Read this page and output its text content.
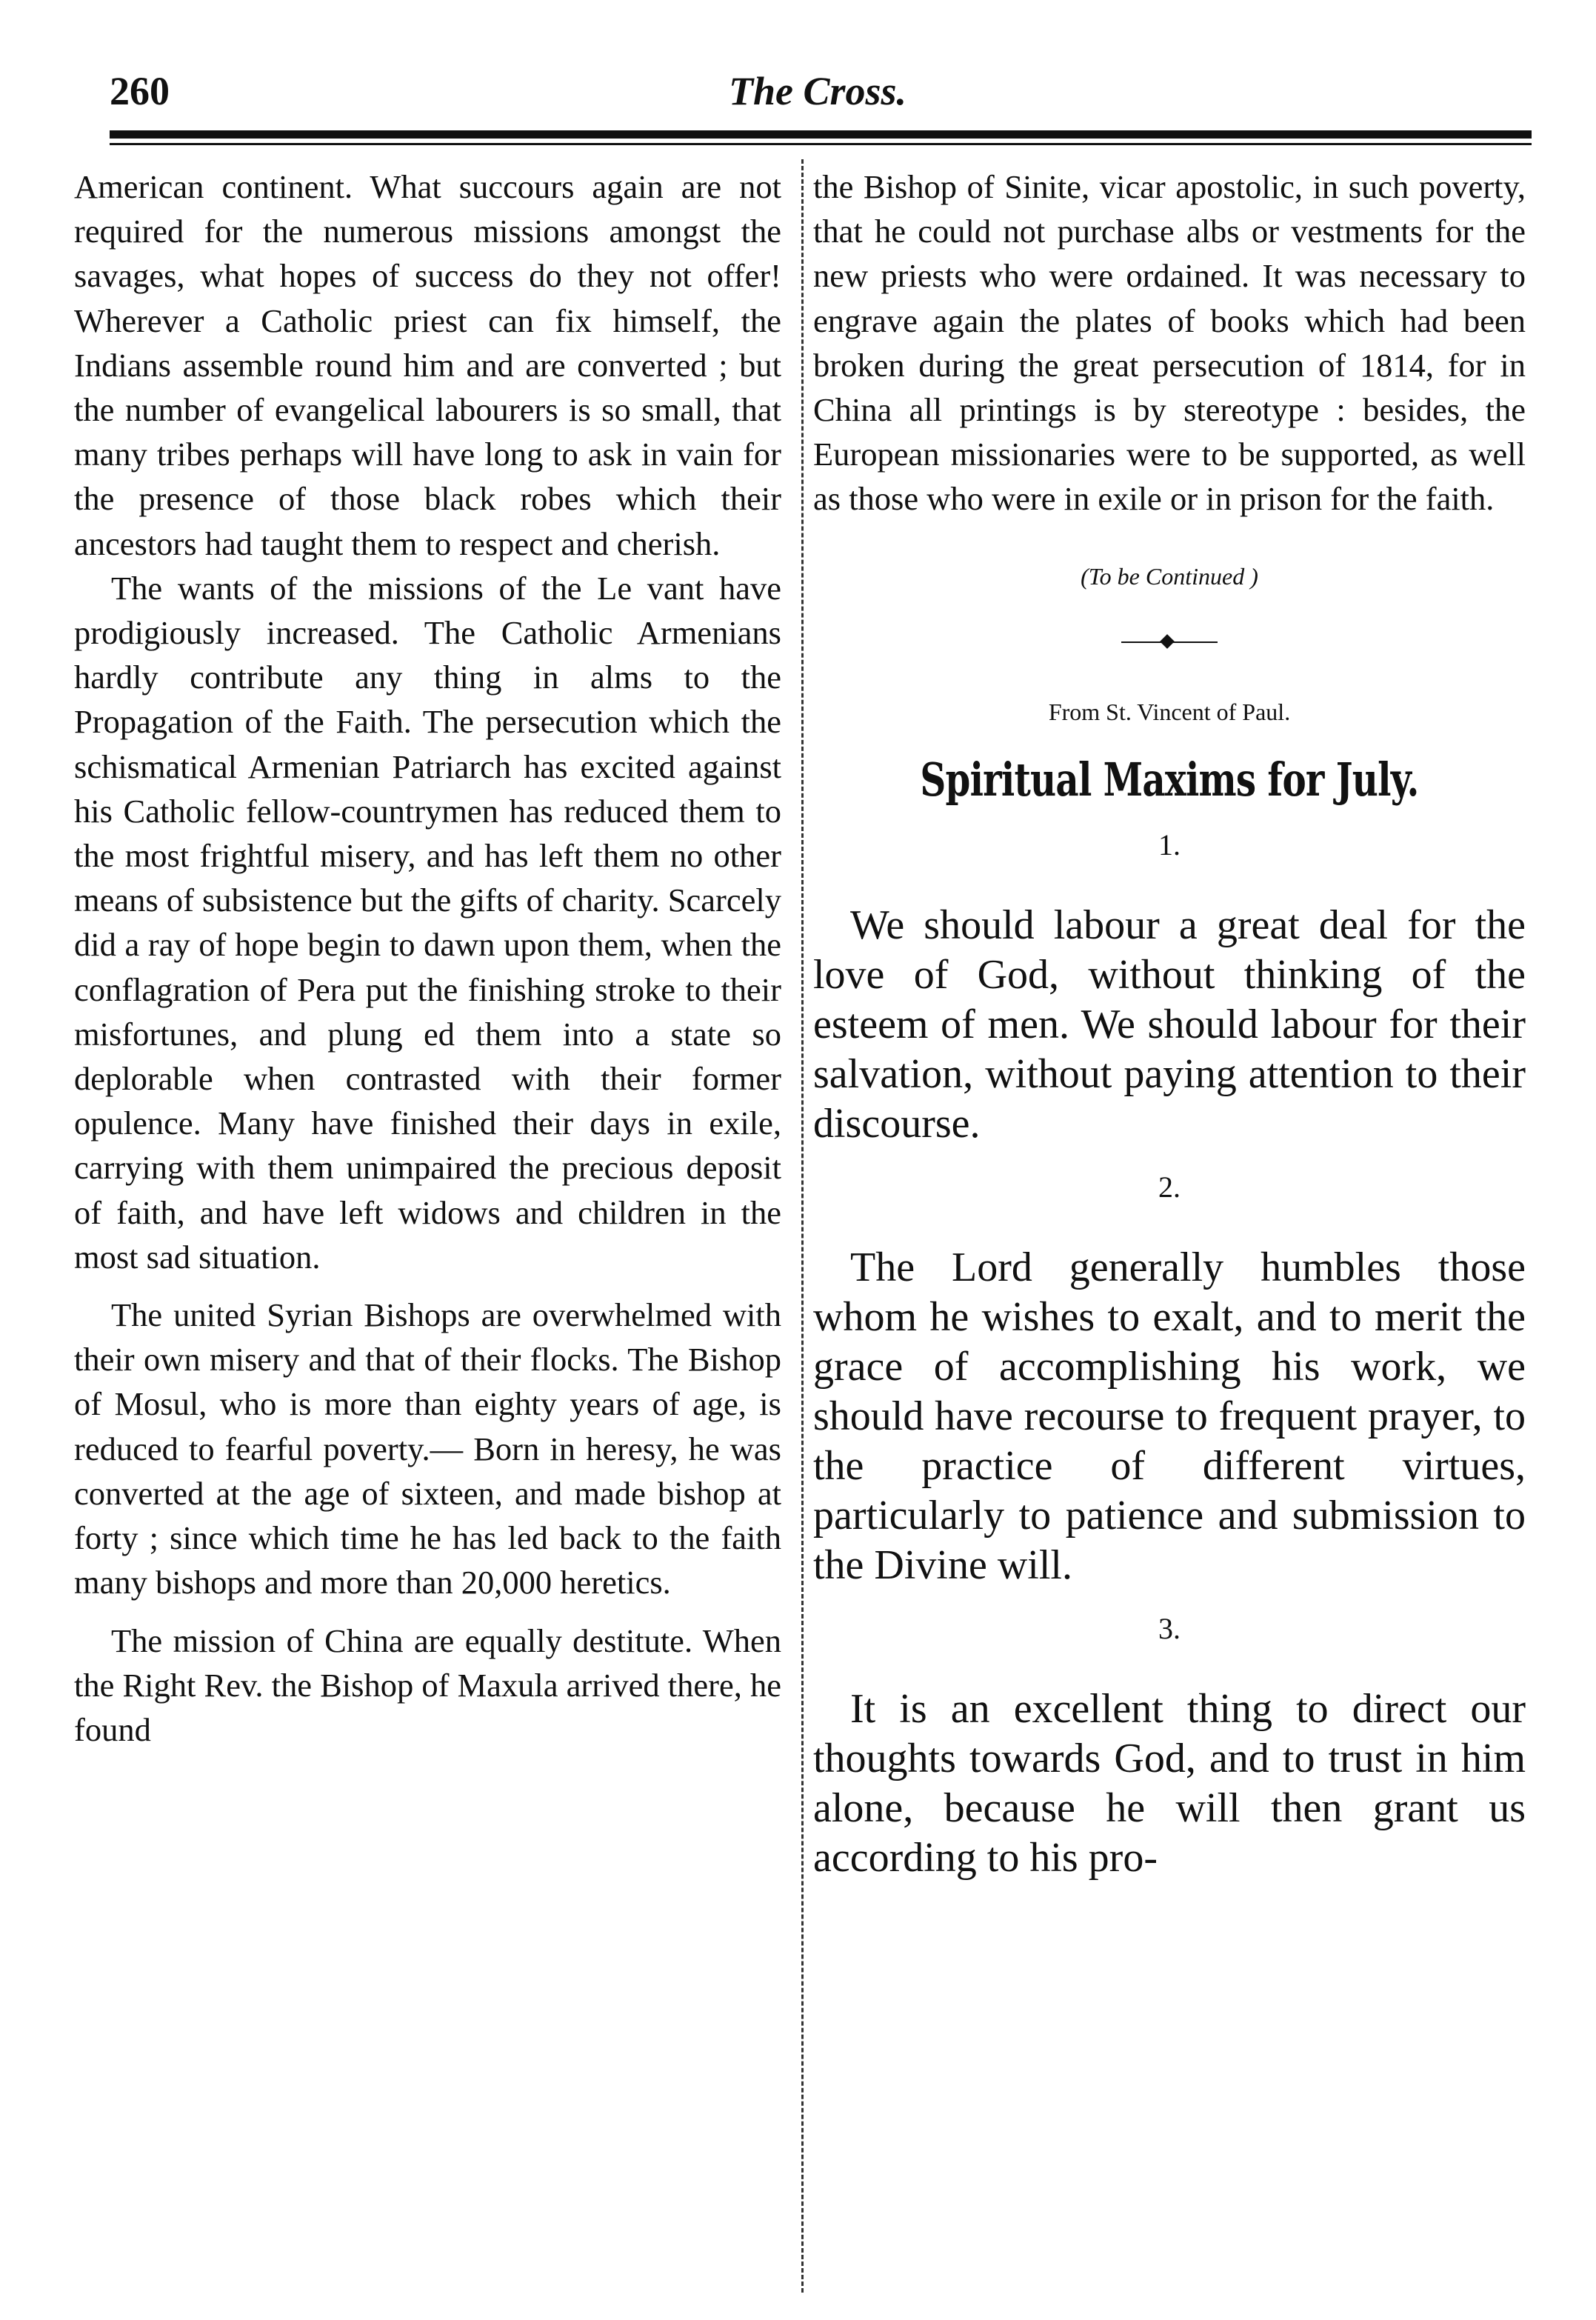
260	The Cross.

American continent. What succours again are not required for the numerous missions amongst the savages, what hopes of success do they not offer! Wherever a Catholic priest can fix himself, the Indians assemble round him and are converted ; but the number of evangelical labourers is so small, that many tribes perhaps will have long to ask in vain for the presence of those black robes which their ancestors had taught them to respect and cherish.

The wants of the missions of the Le vant have prodigiously increased. The Catholic Armenians hardly contribute any thing in alms to the Propagation of the Faith. The persecution which the schismatical Armenian Patriarch has excited against his Catholic fellow-countrymen has reduced them to the most frightful misery, and has left them no other means of subsistence but the gifts of charity. Scarcely did a ray of hope begin to dawn upon them, when the conflagration of Pera put the finishing stroke to their misfortunes, and plung ed them into a state so deplorable when contrasted with their former opulence. Many have finished their days in exile, carrying with them unimpaired the precious deposit of faith, and have left widows and children in the most sad situation.

The united Syrian Bishops are overwhelmed with their own misery and that of their flocks. The Bishop of Mosul, who is more than eighty years of age, is reduced to fearful poverty.— Born in heresy, he was converted at the age of sixteen, and made bishop at forty ; since which time he has led back to the faith many bishops and more than 20,000 heretics.

The mission of China are equally destitute. When the Right Rev. the Bishop of Maxula arrived there, he found

the Bishop of Sinite, vicar apostolic, in such poverty, that he could not purchase albs or vestments for the new priests who were ordained. It was necessary to engrave again the plates of books which had been broken during the great persecution of 1814, for in China all printings is by stereotype : besides, the European missionaries were to be supported, as well as those who were in exile or in prison for the faith.

(To be Continued )

From St. Vincent of Paul.

Spiritual Maxims for July.

1.

We should labour a great deal for the love of God, without thinking of the esteem of men. We should labour for their salvation, without paying attention to their discourse.

2.

The Lord generally humbles those whom he wishes to exalt, and to merit the grace of accomplishing his work, we should have recourse to frequent prayer, to the practice of different virtues, particularly to patience and submission to the Divine will.

3.

It is an excellent thing to direct our thoughts towards God, and to trust in him alone, because he will then grant us according to his pro-
